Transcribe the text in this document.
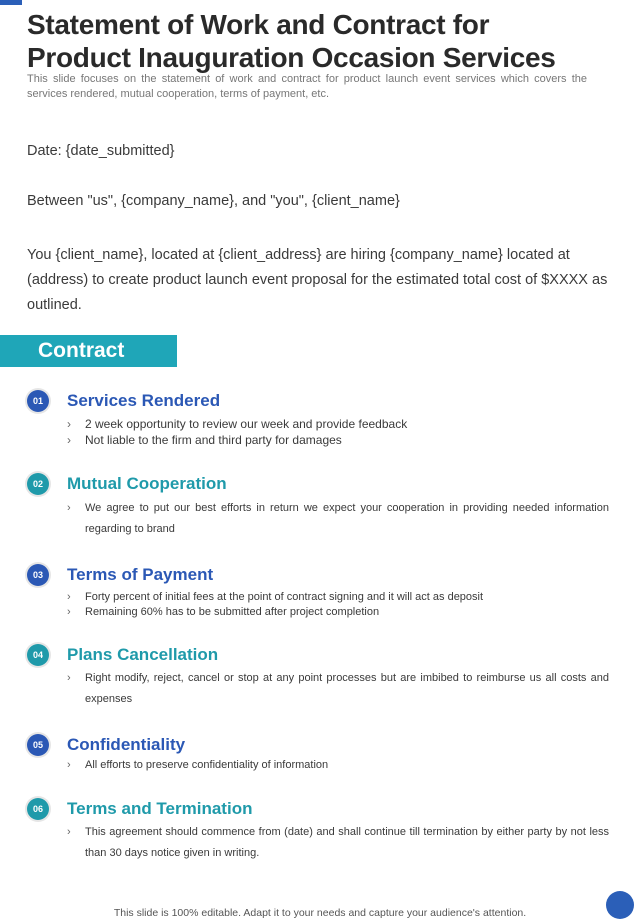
Statement of Work and Contract for
Product Inauguration Occasion Services

This slide focuses on the statement of work and contract for product launch event services which covers the services rendered, mutual cooperation, terms of payment, etc.

Date: {date_submitted}

Between "us", {company_name}, and "you", {client_name}

You {client_name}, located at {client_address} are hiring {company_name} located at (address) to create product launch event proposal for the estimated total cost of $XXXX as outlined.

Contract
01	Services Rendered
› 2 week opportunity to review our week and provide feedback
› Not liable to the firm and third party for damages
02	Mutual Cooperation
› We agree to put our best efforts in return we expect your cooperation in providing needed information regarding to brand
03	Terms of Payment
› Forty percent of initial fees at the point of contract signing and it will act as deposit
› Remaining 60% has to be submitted after project completion
04	Plans Cancellation
› Right modify, reject, cancel or stop at any point processes but are imbibed to reimburse us all costs and expenses
05	Confidentiality
› All efforts to preserve confidentiality of information
06	Terms and Termination
› This agreement should commence from (date) and shall continue till termination by either party by not less than 30 days notice given in writing.
This slide is 100% editable. Adapt it to your needs and capture your audience's attention.
